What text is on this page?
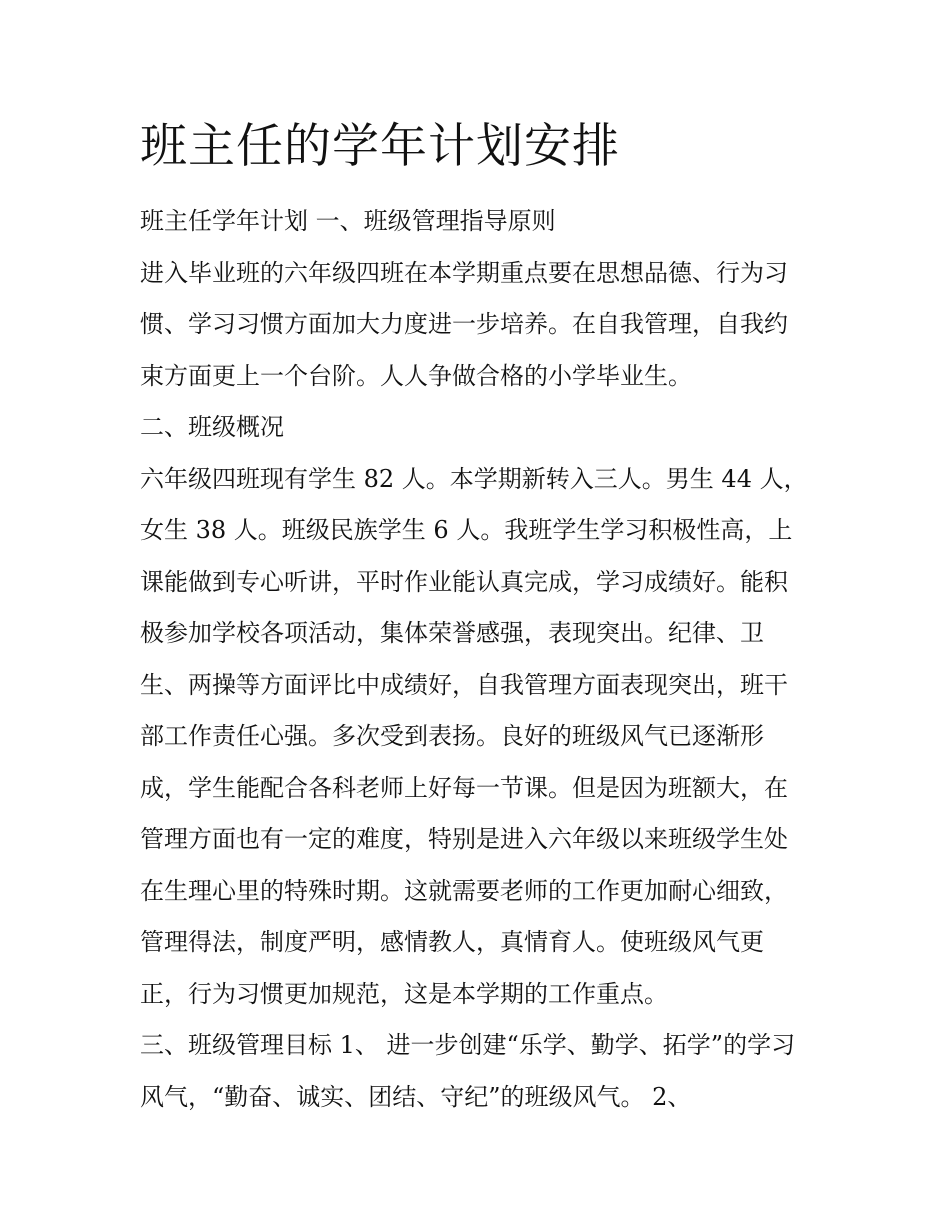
班主任的学年计划安排
班主任学年计划 一、班级管理指导原则
进入毕业班的六年级四班在本学期重点要在思想品德、行为习
惯、学习习惯方面加大力度进一步培养。在自我管理，自我约
束方面更上一个台阶。人人争做合格的小学毕业生。
二、班级概况
六年级四班现有学生 82 人。本学期新转入三人。男生 44 人，
女生 38 人。班级民族学生 6 人。我班学生学习积极性高，上
课能做到专心听讲，平时作业能认真完成，学习成绩好。能积
极参加学校各项活动，集体荣誉感强，表现突出。纪律、卫
生、两操等方面评比中成绩好，自我管理方面表现突出，班干
部工作责任心强。多次受到表扬。良好的班级风气已逐渐形
成，学生能配合各科老师上好每一节课。但是因为班额大，在
管理方面也有一定的难度，特别是进入六年级以来班级学生处
在生理心里的特殊时期。这就需要老师的工作更加耐心细致，
管理得法，制度严明，感情教人，真情育人。使班级风气更
正，行为习惯更加规范，这是本学期的工作重点。
三、班级管理目标 1、 进一步创建“乐学、勤学、拓学”的学习
风气，“勤奋、诚实、团结、守纪”的班级风气。 2、
